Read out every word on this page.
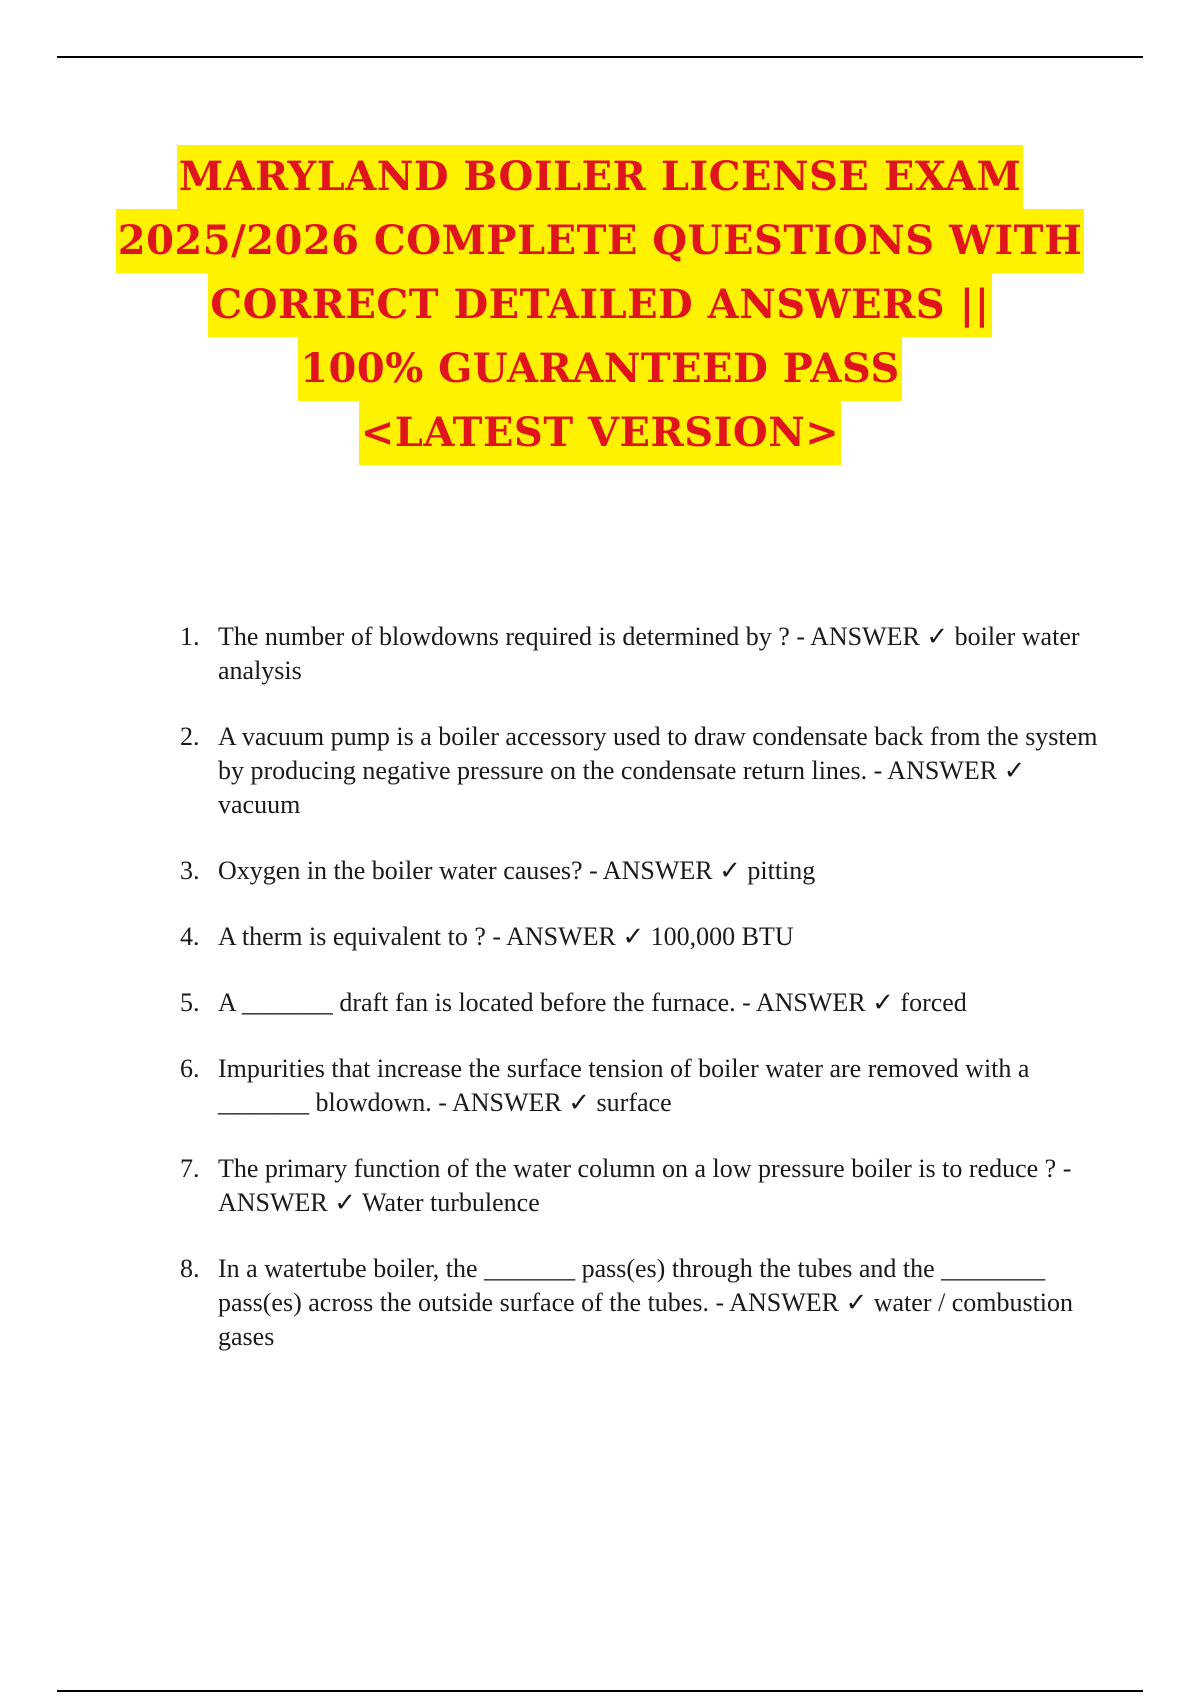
MARYLAND BOILER LICENSE EXAM
2025/2026 COMPLETE QUESTIONS WITH
CORRECT DETAILED ANSWERS ||
100% GUARANTEED PASS
<LATEST VERSION>
1. The number of blowdowns required is determined by ? - ANSWER ✓ boiler water analysis
2. A vacuum pump is a boiler accessory used to draw condensate back from the system by producing negative pressure on the condensate return lines. - ANSWER ✓ vacuum
3. Oxygen in the boiler water causes? - ANSWER ✓ pitting
4. A therm is equivalent to ? - ANSWER ✓ 100,000 BTU
5. A _______ draft fan is located before the furnace. - ANSWER ✓ forced
6. Impurities that increase the surface tension of boiler water are removed with a _______ blowdown. - ANSWER ✓ surface
7. The primary function of the water column on a low pressure boiler is to reduce ? - ANSWER ✓ Water turbulence
8. In a watertube boiler, the _______ pass(es) through the tubes and the ________ pass(es) across the outside surface of the tubes. - ANSWER ✓ water / combustion gases
